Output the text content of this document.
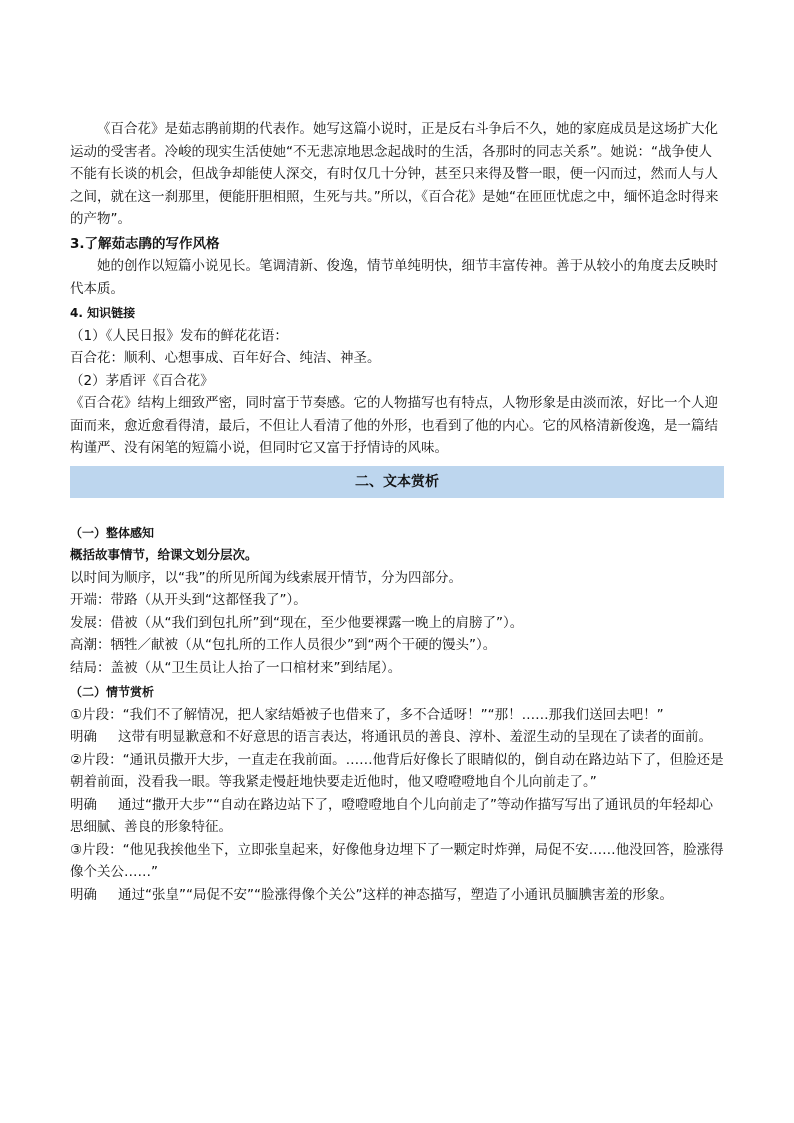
《百合花》是茹志鹃前期的代表作。她写这篇小说时，正是反右斗争后不久，她的家庭成员是这场扩大化运动的受害者。冷峻的现实生活使她“不无悲凉地思念起战时的生活，各那时的同志关系”。她说：“战争使人不能有长谈的机会，但战争却能使人深交，有时仅几十分钟，甚至只来得及瞥一眼，便一闪而过，然而人与人之间，就在这一刹那里，便能肝胆相照，生死与共。”所以，《百合花》是她“在匝匝忧虑之中，缅怀追念时得来的产物”。

3.了解茹志鹃的写作风格

她的创作以短篇小说见长。笔调清新、俊逸，情节单纯明快，细节丰富传神。善于从较小的角度去反映时代本质。

4. 知识链接

（1）《人民日报》发布的鲜花花语：

百合花：顺利、心想事成、百年好合、纯洁、神圣。

（2）茅盾评《百合花》

《百合花》结构上细致严密，同时富于节奏感。它的人物描写也有特点，人物形象是由淡而浓，好比一个人迎面而来，愈近愈看得清，最后，不但让人看清了他的外形，也看到了他的内心。它的风格清新俊逸，是一篇结构谨严、没有闲笔的短篇小说，但同时它又富于抒情诗的风味。

二、文本赏析

（一）整体感知

概括故事情节，给课文划分层次。

以时间为顺序，以“我”的所见所闻为线索展开情节，分为四部分。

开端：带路（从开头到“这都怪我了”）。

发展：借被（从“我们到包扎所”到“现在，至少他要裸露一晚上的肩膀了”）。

高潮：牺牲／献被（从“包扎所的工作人员很少”到“两个干硬的馒头”）。

结局：盖被（从“卫生员让人抬了一口棺材来”到结尾）。

（二）情节赏析

①片段：“我们不了解情况，把人家结婚被子也借来了，多不合适呀！”“那！……那我们送回去吧！”

明确 这带有明显歉意和不好意思的语言表达，将通讯员的善良、淳朴、羞涩生动的呈现在了读者的面前。

②片段：“通讯员撒开大步，一直走在我前面。……他背后好像长了眼睛似的，倒自动在路边站下了，但脸还是朝着前面，没看我一眼。等我紧走慢赶地快要走近他时，他又噔噔噔地自个儿向前走了。”

明确 通过“撒开大步”“自动在路边站下了，噔噔噔地自个儿向前走了”等动作描写写出了通讯员的年轻却心思细腻、善良的形象特征。

③片段：“他见我挨他坐下，立即张皇起来，好像他身边埋下了一颗定时炸弹，局促不安……他没回答，脸涨得像个关公……”

明确 通过“张皇”“局促不安”“脸涨得像个关公”这样的神态描写，塑造了小通讯员腼腆害羞的形象。
